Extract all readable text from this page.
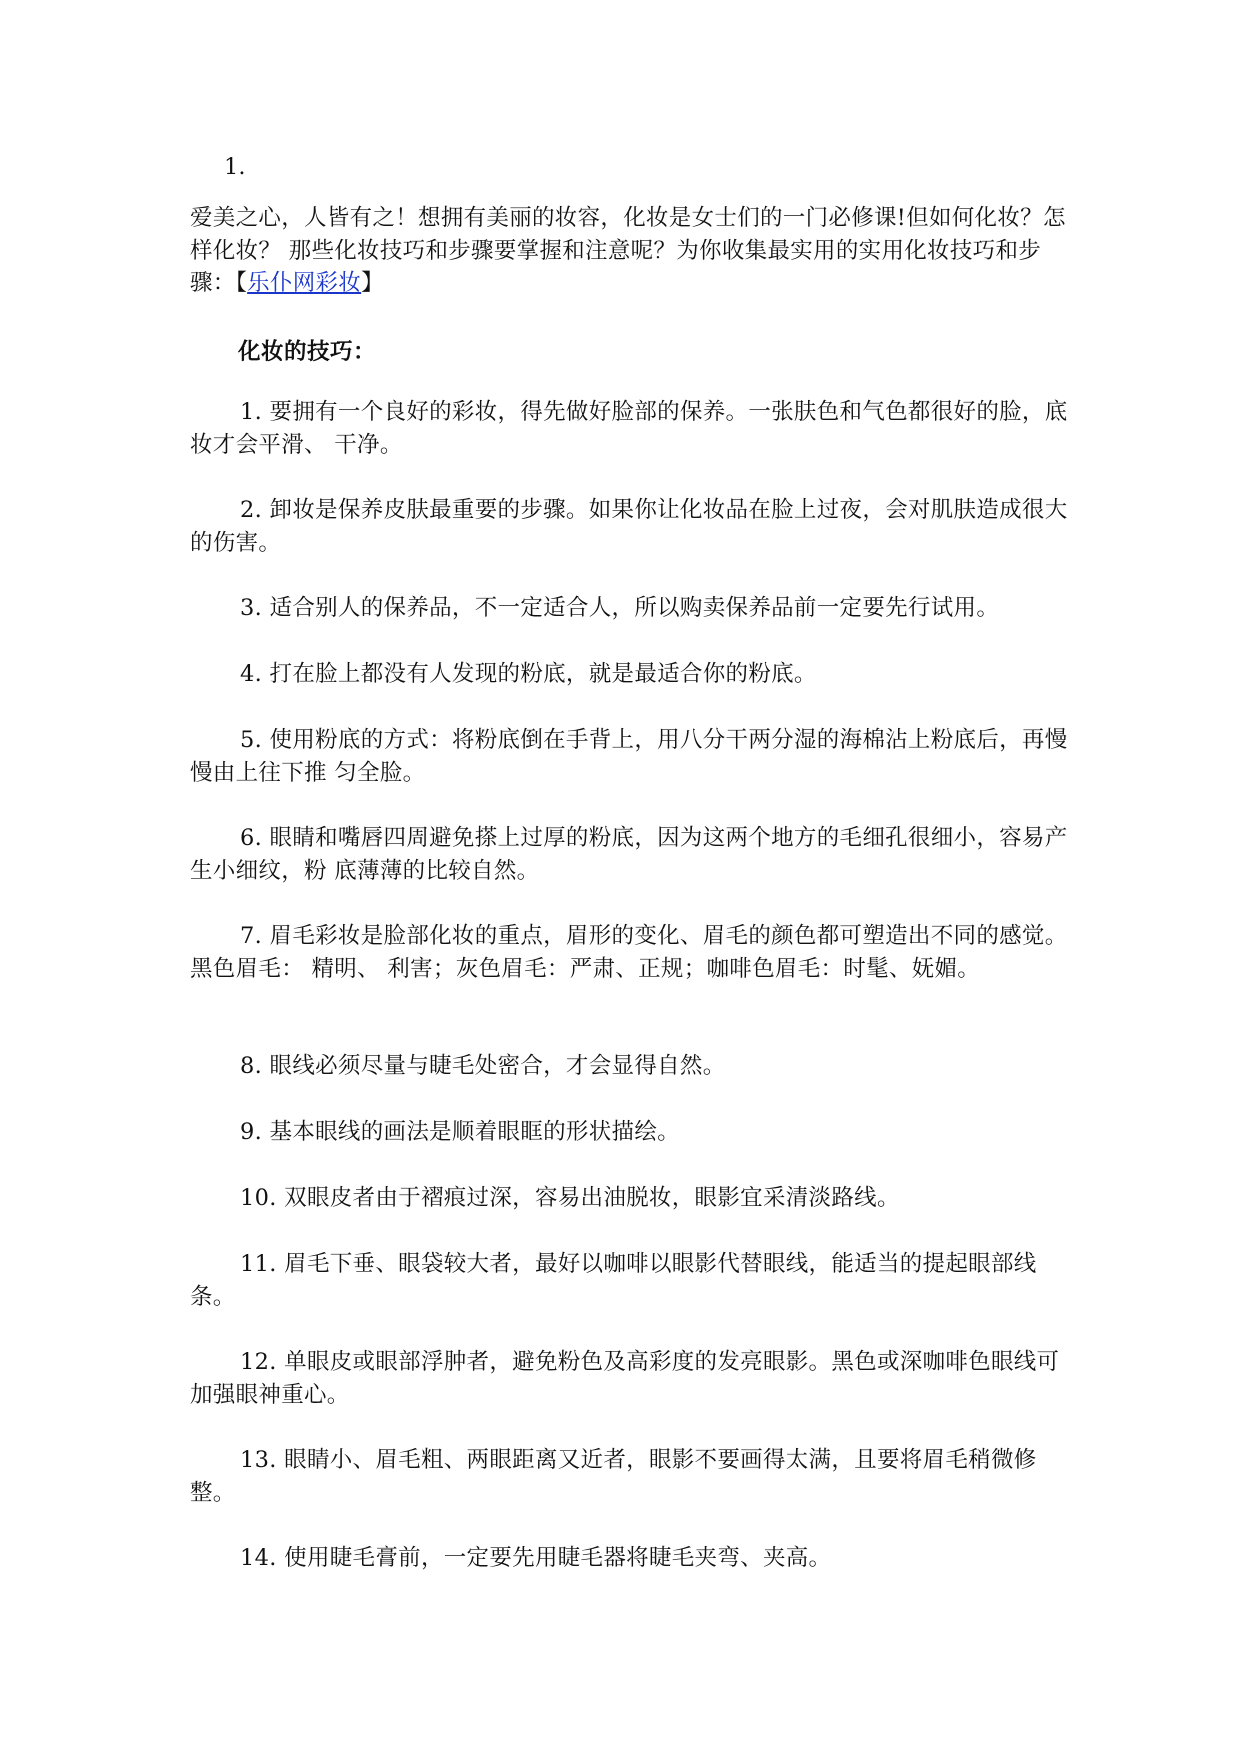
1.
爱美之心，人皆有之！想拥有美丽的妆容，化妆是女士们的一门必修课!但如何化妆？怎样化妆？ 那些化妆技巧和步骤要掌握和注意呢？为你收集最实用的实用化妆技巧和步骤：【乐仆网彩妆】
化妆的技巧：
1. 要拥有一个良好的彩妆，得先做好脸部的保养。一张肤色和气色都很好的脸，底妆才会平滑、 干净。
2. 卸妆是保养皮肤最重要的步骤。如果你让化妆品在脸上过夜，会对肌肤造成很大的伤害。
3. 适合别人的保养品，不一定适合人，所以购卖保养品前一定要先行试用。
4. 打在脸上都没有人发现的粉底，就是最适合你的粉底。
5. 使用粉底的方式：将粉底倒在手背上，用八分干两分湿的海棉沾上粉底后，再慢慢由上往下推 匀全脸。
6. 眼睛和嘴唇四周避免搽上过厚的粉底，因为这两个地方的毛细孔很细小，容易产生小细纹，粉 底薄薄的比较自然。
7. 眉毛彩妆是脸部化妆的重点，眉形的变化、眉毛的颜色都可塑造出不同的感觉。黑色眉毛： 精明、 利害；灰色眉毛：严肃、正规；咖啡色眉毛：时髦、妩媚。
8. 眼线必须尽量与睫毛处密合，才会显得自然。
9. 基本眼线的画法是顺着眼眶的形状描绘。
10. 双眼皮者由于褶痕过深，容易出油脱妆，眼影宜采清淡路线。
11. 眉毛下垂、眼袋较大者，最好以咖啡以眼影代替眼线，能适当的提起眼部线条。
12. 单眼皮或眼部浮肿者，避免粉色及高彩度的发亮眼影。黑色或深咖啡色眼线可加强眼神重心。
13. 眼睛小、眉毛粗、两眼距离又近者，眼影不要画得太满，且要将眉毛稍微修整。
14. 使用睫毛膏前，一定要先用睫毛器将睫毛夹弯、夹高。
